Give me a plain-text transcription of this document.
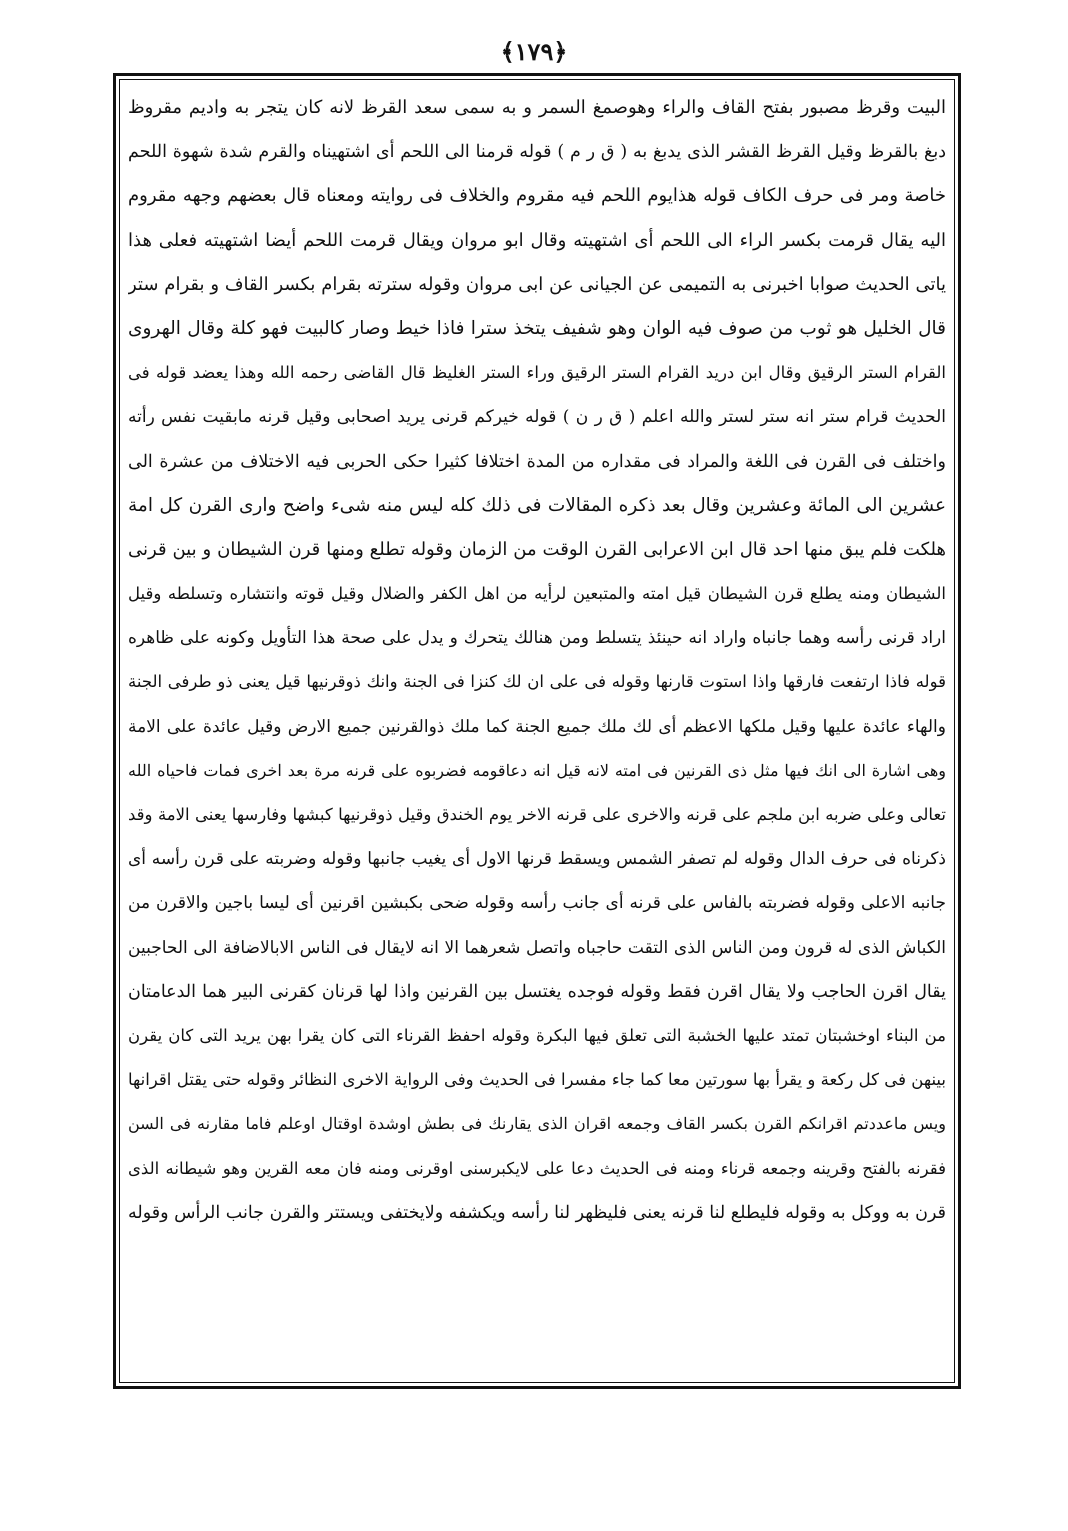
﴿۱۷۹﴾
البيت وقرظ مصبور بفتح القاف والراء وهوصمغ السمر و به سمى سعد القرظ لانه كان يتجر به واديم مقروظ
دبغ بالقرظ وقيل القرظ القشر الذى يدبغ به ( ق ر م ) قوله قرمنا الى اللحم أى اشتهيناه والقرم شدة شهوة اللحم
خاصة ومر فى حرف الكاف قوله هذايوم اللحم فيه مقروم والخلاف فى روايته ومعناه قال بعضهم وجهه مقروم
اليه يقال قرمت بكسر الراء الى اللحم أى اشتهيته وقال ابو مروان ويقال قرمت اللحم أيضا اشتهيته فعلى هذا
ياتى الحديث صوابا اخبرنى به التميمى عن الجيانى عن ابى مروان وقوله سترته بقرام بكسر القاف و بقرام ستر
قال الخليل هو ثوب من صوف فيه الوان وهو شفيف يتخذ سترا فاذا خيط وصار كالبيت فهو كلة وقال الهروى
القرام الستر الرقيق وقال ابن دريد القرام الستر الرقيق وراء الستر الغليظ قال القاضى رحمه الله وهذا يعضد قوله فى
الحديث قرام ستر انه ستر لستر والله اعلم ( ق ر ن ) قوله خيركم قرنى يريد اصحابى وقيل قرنه مابقيت نفس رأته
واختلف فى القرن فى اللغة والمراد فى مقداره من المدة اختلافا كثيرا حكى الحربى فيه الاختلاف من عشرة الى
عشرين الى المائة وعشرين وقال بعد ذكره المقالات فى ذلك كله ليس منه شىء واضح وارى القرن كل امة
هلكت فلم يبق منها احد قال ابن الاعرابى القرن الوقت من الزمان وقوله تطلع ومنها قرن الشيطان و بين قرنى
الشيطان ومنه يطلع قرن الشيطان قيل امته والمتبعين لرأيه من اهل الكفر والضلال وقيل قوته وانتشاره وتسلطه وقيل
اراد قرنى رأسه وهما جانباه واراد انه حينئذ يتسلط ومن هنالك يتحرك و يدل على صحة هذا التأويل وكونه على ظاهره
قوله فاذا ارتفعت فارقها واذا استوت قارنها وقوله فى على ان لك كنزا فى الجنة وانك ذوقرنيها قيل يعنى ذو طرفى الجنة
والهاء عائدة عليها وقيل ملكها الاعظم أى لك ملك جميع الجنة كما ملك ذوالقرنين جميع الارض وقيل عائدة على الامة
وهى اشارة الى انك فيها مثل ذى القرنين فى امته لانه قيل انه دعاقومه فضربوه على قرنه مرة بعد اخرى فمات فاحياه الله
تعالى وعلى ضربه ابن ملجم على قرنه والاخرى على قرنه الاخر يوم الخندق وقيل ذوقرنيها كبشها وفارسها يعنى الامة وقد
ذكرناه فى حرف الدال وقوله لم تصفر الشمس ويسقط قرنها الاول أى يغيب جانبها وقوله وضربته على قرن رأسه أى
جانبه الاعلى وقوله فضربته بالفاس على قرنه أى جانب رأسه وقوله ضحى بكبشين اقرنين أى ليسا باجين والاقرن من
الكباش الذى له قرون ومن الناس الذى التقت حاجباه واتصل شعرهما الا انه لايقال فى الناس الابالاضافة الى الحاجبين
يقال اقرن الحاجب ولا يقال اقرن فقط وقوله فوجده يغتسل بين القرنين واذا لها قرنان كقرنى البير هما الدعامتان
من البناء اوخشبتان تمتد عليها الخشبة التى تعلق فيها البكرة وقوله احفظ القرناء التى كان يقرا بهن يريد التى كان يقرن
بينهن فى كل ركعة و يقرأ بها سورتين معا كما جاء مفسرا فى الحديث وفى الرواية الاخرى النظائر وقوله حتى يقتل اقرانها
ويس ماعددتم اقرانكم القرن بكسر القاف وجمعه اقران الذى يقارنك فى بطش اوشدة اوقتال اوعلم فاما مقارنه فى السن
فقرنه بالفتح وقرينه وجمعه قرناء ومنه فى الحديث دعا على لايكبرسنى اوقرنى ومنه فان معه القرين وهو شيطانه الذى
قرن به ووكل به وقوله فليطلع لنا قرنه يعنى فليظهر لنا رأسه ويكشفه ولايختفى ويستتر والقرن جانب الرأس وقوله
